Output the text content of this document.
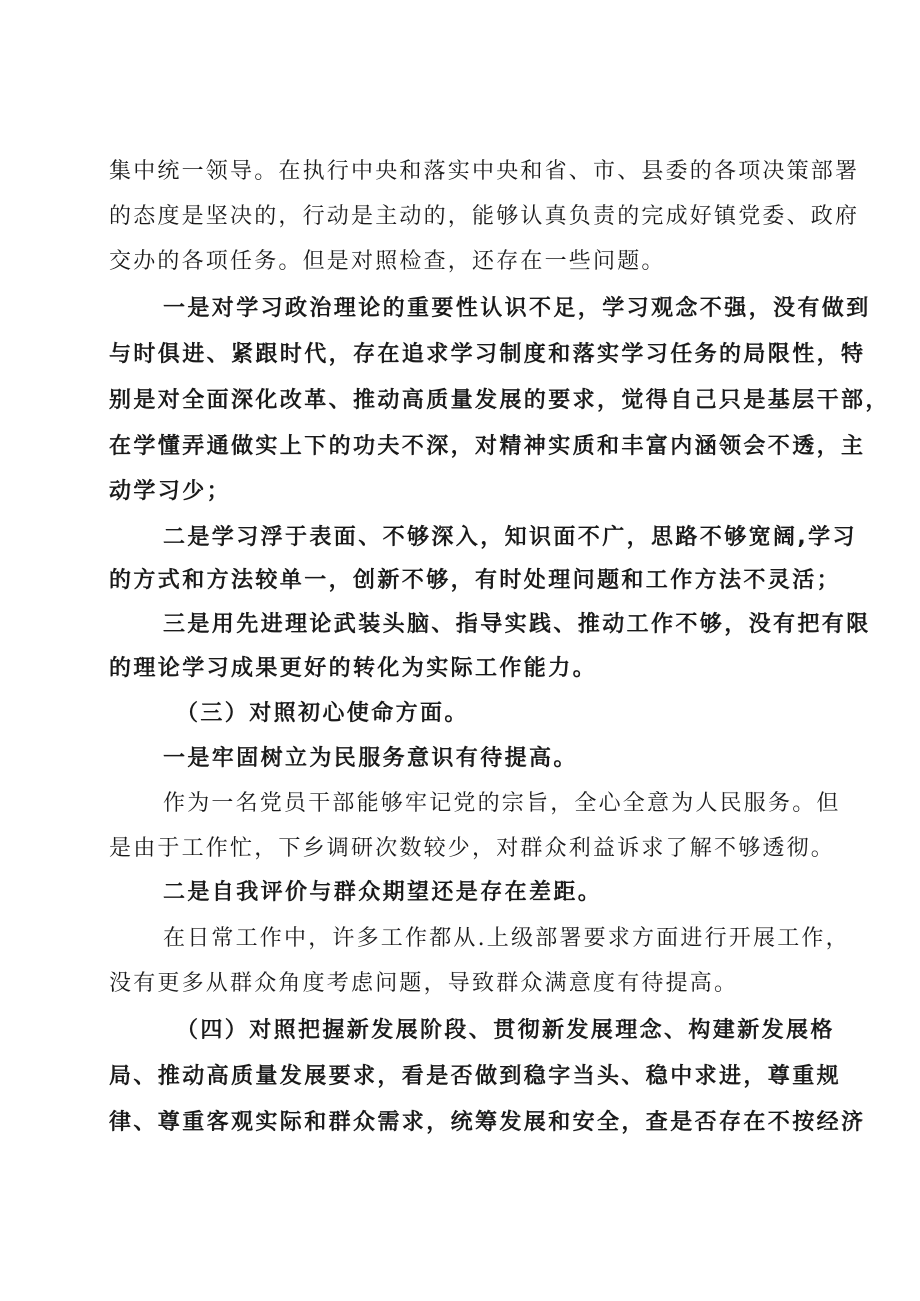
集中统一领导。在执行中央和落实中央和省、市、县委的各项决策部署
的态度是坚决的，行动是主动的，能够认真负责的完成好镇党委、政府
交办的各项任务。但是对照检查，还存在一些问题。
一是对学习政治理论的重要性认识不足，学习观念不强，没有做到
与时俱进、紧跟时代，存在追求学习制度和落实学习任务的局限性，特
别是对全面深化改革、推动高质量发展的要求，觉得自己只是基层干部，
在学懂弄通做实上下的功夫不深，对精神实质和丰富内涵领会不透，主
动学习少；
二是学习浮于表面、不够深入，知识面不广，思路不够宽阔,学习
的方式和方法较单一，创新不够，有时处理问题和工作方法不灵活；
三是用先进理论武装头脑、指导实践、推动工作不够，没有把有限
的理论学习成果更好的转化为实际工作能力。
（三）对照初心使命方面。
一是牢固树立为民服务意识有待提高。
作为一名党员干部能够牢记党的宗旨，全心全意为人民服务。但
是由于工作忙，下乡调研次数较少，对群众利益诉求了解不够透彻。
二是自我评价与群众期望还是存在差距。
在日常工作中，许多工作都从.上级部署要求方面进行开展工作，
没有更多从群众角度考虑问题，导致群众满意度有待提高。
（四）对照把握新发展阶段、贯彻新发展理念、构建新发展格
局、推动高质量发展要求，看是否做到稳字当头、稳中求进，尊重规
律、尊重客观实际和群众需求，统筹发展和安全，查是否存在不按经济
